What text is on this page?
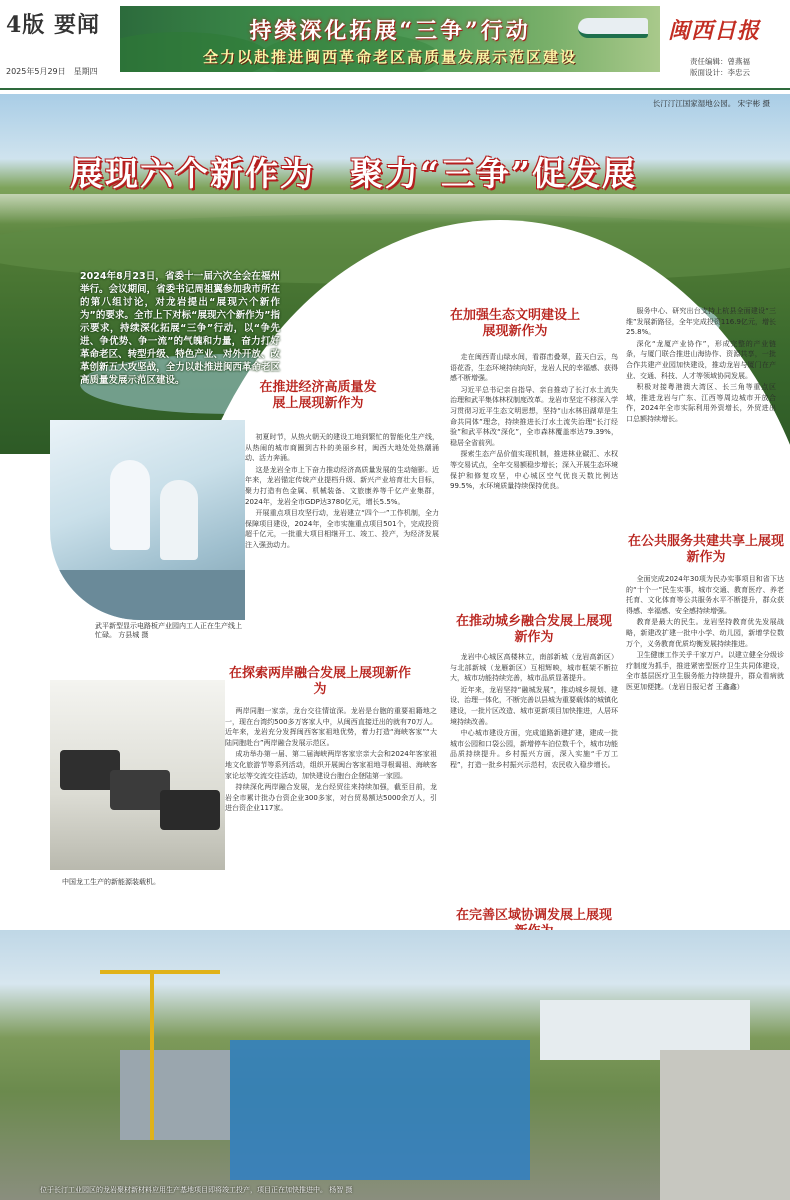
4版 要闻
2025年5月29日　星期四
持续深化拓展“三争”行动
全力以赴推进闽西革命老区高质量发展示范区建设
闽西日报
责任编辑：曾燕福
版面设计：李忠云
长汀汀江国家湿地公园。 宋宇彬 摄
展现六个新作为　聚力“三争”促发展
2024年8月23日，省委十一届六次全会在福州举行。会议期间，省委书记周祖翼参加我市所在的第八组讨论，对龙岩提出“展现六个新作为”的要求。全市上下对标“展现六个新作为”指示要求，持续深化拓展“三争”行动，以“争先进、争优势、争一流”的气魄和力量，奋力打好革命老区、转型升级、特色产业、对外开放、改革创新五大攻坚战，全力以赴推进闽西革命老区高质量发展示范区建设。	在推进经济高质量发展上展现新作为

初夏时节，从热火朝天的建设工地到繁忙的智能化生产线，从热闹的城市商圈到古朴的美丽乡村，闽西大地处处热潮涌动、活力奔涌。

这是龙岩全市上下奋力推动经济高质量发展的生动缩影。近年来，龙岩锚定传统产业提档升级、新兴产业培育壮大目标，聚力打造有色金属、机械装备、文旅康养等千亿产业集群，2024年，龙岩全市GDP达3780亿元，增长5.5%。

开展重点项目攻坚行动，龙岩建立“四个一”工作机制，全力保障项目建设，2024年，全市实施重点项目501个，完成投资超千亿元，一批重大项目相继开工、竣工、投产，为经济发展注入强劲动力。

武平新型显示电路板产业园内工人正在生产线上忙碌。 方县城 摄
在探索两岸融合发展上展现新作为

两岸同胞一家亲，龙台交往情谊深。龙岩是台胞的重要祖籍地之一，现在台湾约500多万客家人中，从闽西直接迁出的就有70万人。近年来，龙岩充分发挥闽西客家祖地优势，着力打造“海峡客家”“大陆同胞赴台”两岸融合发展示范区。

成功举办第一届、第二届海峡两岸客家宗亲大会和2024年客家祖地文化旅游节等系列活动，组织开展闽台客家祖地寻根谒祖、海峡客家论坛等交流交往活动，加快建设台胞台企登陆第一家园。

持续深化两岸融合发展，龙台经贸往来持续加强，截至目前，龙岩全市累计批办台资企业300多家，对台贸易额达5000余万人，引进台资企业117家。

中国龙工生产的新能源装载机。
在加强生态文明建设上展现新作为

走在闽西青山绿水间，看群峦叠翠，蓝天白云，鸟语花香，生态环境持续向好，龙岩人民的幸福感、获得感不断增强。

习近平总书记亲自指导、亲自推动了长汀水土流失治理和武平集体林权制度改革。龙岩市坚定不移深入学习贯彻习近平生态文明思想，坚持“山水林田湖草是生命共同体”理念，持续推进长汀水土流失治理“长汀经验”和武平林改“深化”，全市森林覆盖率达79.39%，稳居全省前列。

探索生态产品价值实现机制，推进林业碳汇、水权等交易试点，全年交易额稳步增长；深入开展生态环境保护和修复攻坚，中心城区空气优良天数比例达99.5%，水环境质量持续保持优良。

在推动城乡融合发展上展现新作为

龙岩中心城区高楼林立，南部新城（龙岩高新区）与北部新城（龙雁新区）互相辉映，城市框架不断拉大，城市功能持续完善，城市品质显著提升。

近年来，龙岩坚持“融城发展”，推动城乡规划、建设、治理一体化，不断完善以县城为重要载体的城镇化建设，一批片区改造、城市更新项目加快推进，人居环境持续改善。

中心城市建设方面，完成道路新建扩建，建成一批城市公园和口袋公园，新增停车泊位数千个，城市功能品质持续提升。乡村振兴方面，深入实施“千万工程”，打造一批乡村振兴示范村，农民收入稳步增长。

在完善区域协调发展上展现

服务中心、研究出台支持上杭县全面建设“三维”发展新路径，全年完成投资116.9亿元，增长25.8%。

深化“龙厦产业协作”，形成完整的产业链条，与厦门联合推进山海协作、资源共享，一批合作共建产业园加快建设，推动龙岩与厦门在产业、交通、科技、人才等领域协同发展。

积极对接粤港澳大湾区、长三角等重点区域，推进龙岩与广东、江西等周边城市开放合作，2024年全市实际利用外资增长，外贸进出口总额持续增长。

在公共服务共建共享上展现新作为

全面完成2024年30项为民办实事项目和省下达的“十个一”民生实事，城市交通、教育医疗、养老托育、文化体育等公共服务水平不断提升，群众获得感、幸福感、安全感持续增强。

教育是最大的民生。龙岩坚持教育优先发展战略，新建改扩建一批中小学、幼儿园，新增学位数万个，义务教育优质均衡发展持续推进。

卫生健康工作关乎千家万户。以建立健全分级诊疗制度为抓手，推进紧密型医疗卫生共同体建设，全市基层医疗卫生服务能力持续提升，群众看病就医更加便捷。（龙岩日报记者 王鑫鑫）

位于长汀工业园区的龙岩聚材新材料应用生产基地项目即将竣工投产，项目正在加快推进中。 杨智 摄
